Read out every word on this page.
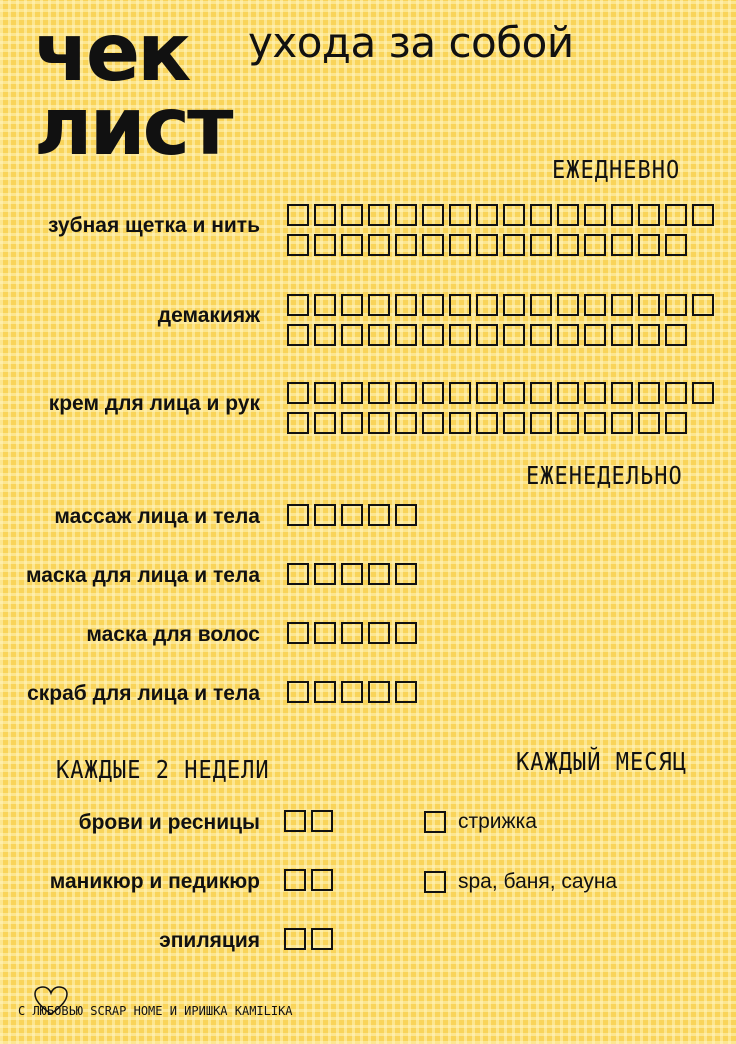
чек
лист
ухода за собой
ЕЖЕДНЕВНО
ЕЖЕНЕДЕЛЬНО
КАЖДЫЕ 2 НЕДЕЛИ	КАЖДЫЙ МЕСЯЦ
С ЛЮБОВЬЮ SCRAP HOME И ИРИШКА KAMILIKA
зубная щетка и нить
демакияж
крем для лица и рук
массаж лица и тела
маска для лица и тела
маска для волос
скраб для лица и тела
брови и ресницы
маникюр и педикюр
эпиляция
стрижка
spa, баня, сауна
